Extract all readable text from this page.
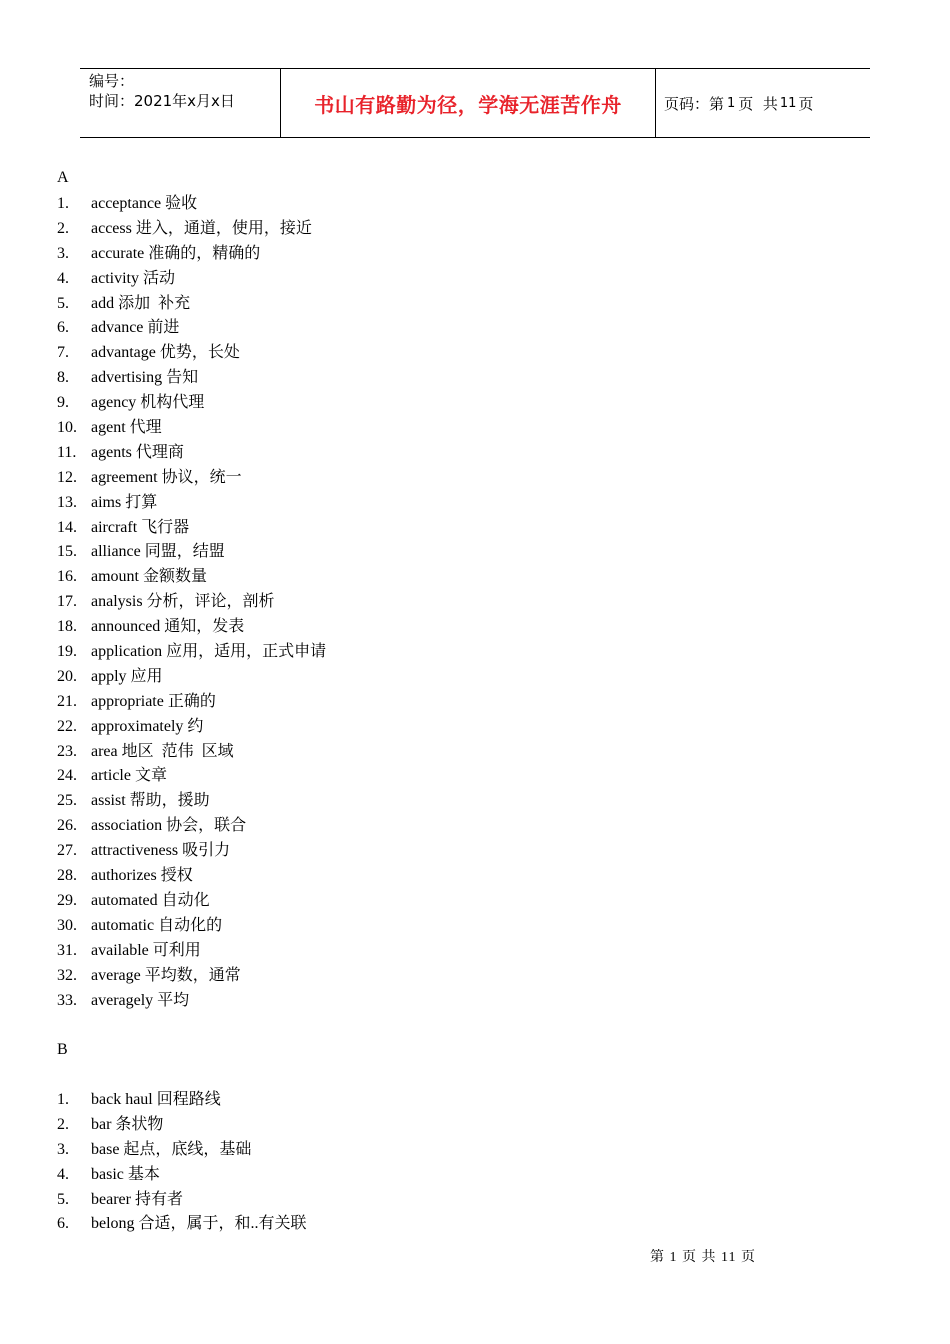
编号：
时间：2021年x月x日	书山有路勤为径，学海无涯苦作舟	页码：第 1 页  共 11 页
A
1. acceptance 验收
2. access 进入，通道，使用，接近
3. accurate 准确的，精确的
4. activity 活动
5. add 添加  补充
6. advance 前进
7. advantage 优势，长处
8. advertising 告知
9. agency 机构代理
10. agent 代理
11. agents 代理商
12. agreement 协议，统一
13. aims 打算
14. aircraft 飞行器
15. alliance 同盟，结盟
16. amount 金额数量
17. analysis 分析，评论，剖析
18. announced 通知，发表
19. application 应用，适用，正式申请
20. apply 应用
21. appropriate 正确的
22. approximately 约
23. area 地区  范伟  区域
24. article 文章
25. assist 帮助，援助
26. association 协会，联合
27. attractiveness 吸引力
28. authorizes 授权
29. automated 自动化
30. automatic 自动化的
31. available 可利用
32. average 平均数，通常
33. averagely 平均
B
1. back haul 回程路线
2. bar 条状物
3. base 起点，底线，基础
4. basic 基本
5. bearer 持有者
6. belong 合适，属于，和..有关联
第 1 页 共 11 页
